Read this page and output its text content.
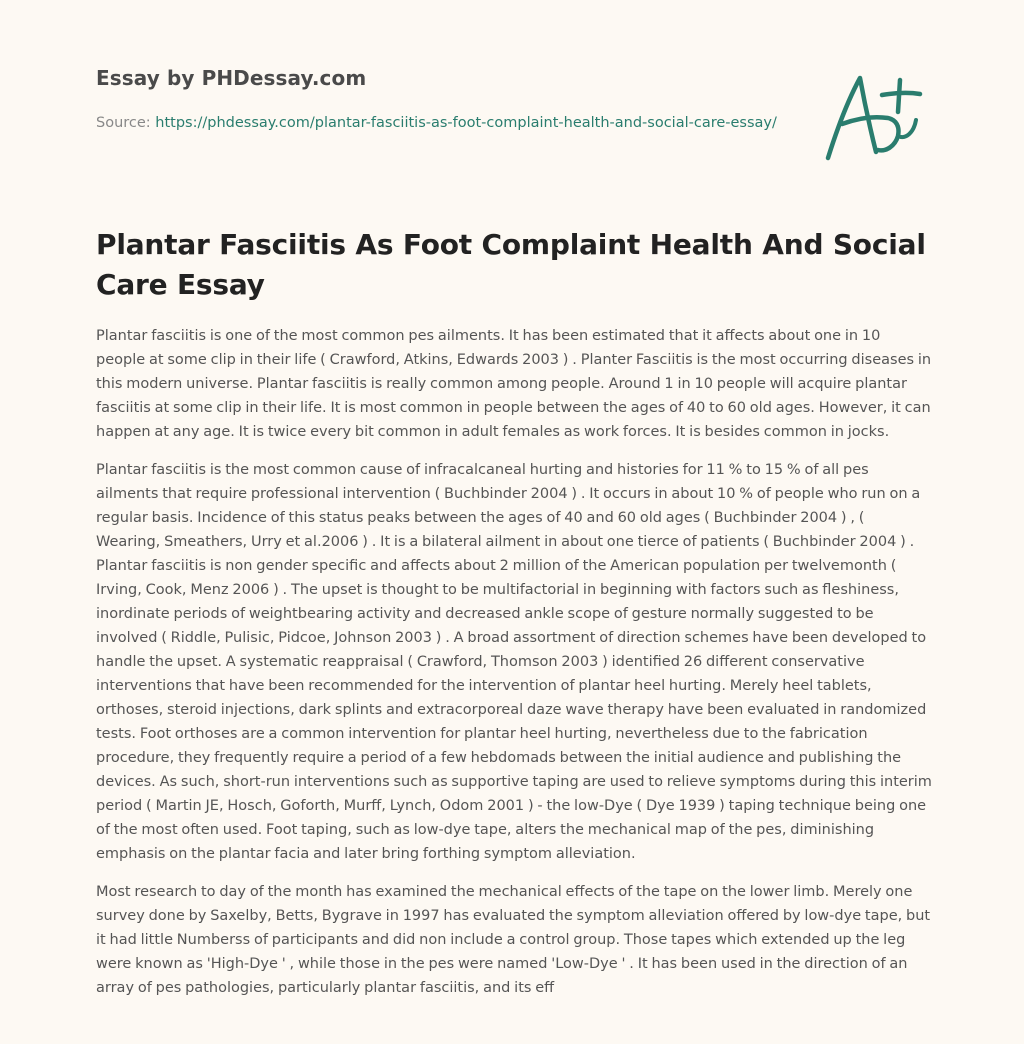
Essay by PHDessay.com

Source: https://phdessay.com/plantar-fasciitis-as-foot-complaint-health-and-social-care-essay/

Plantar Fasciitis As Foot Complaint Health And Social Care Essay

Plantar fasciitis is one of the most common pes ailments. It has been estimated that it affects about one in 10 people at some clip in their life ( Crawford, Atkins, Edwards 2003 ) . Planter Fasciitis is the most occurring diseases in this modern universe. Plantar fasciitis is really common among people. Around 1 in 10 people will acquire plantar fasciitis at some clip in their life. It is most common in people between the ages of 40 to 60 old ages. However, it can happen at any age. It is twice every bit common in adult females as work forces. It is besides common in jocks.

Plantar fasciitis is the most common cause of infracalcaneal hurting and histories for 11 % to 15 % of all pes ailments that require professional intervention ( Buchbinder 2004 ) . It occurs in about 10 % of people who run on a regular basis. Incidence of this status peaks between the ages of 40 and 60 old ages ( Buchbinder 2004 ) , ( Wearing, Smeathers, Urry et al.2006 ) . It is a bilateral ailment in about one tierce of patients ( Buchbinder 2004 ) . Plantar fasciitis is non gender specific and affects about 2 million of the American population per twelvemonth ( Irving, Cook, Menz 2006 ) . The upset is thought to be multifactorial in beginning with factors such as fleshiness, inordinate periods of weightbearing activity and decreased ankle scope of gesture normally suggested to be involved ( Riddle, Pulisic, Pidcoe, Johnson 2003 ) . A broad assortment of direction schemes have been developed to handle the upset. A systematic reappraisal ( Crawford, Thomson 2003 ) identified 26 different conservative interventions that have been recommended for the intervention of plantar heel hurting. Merely heel tablets, orthoses, steroid injections, dark splints and extracorporeal daze wave therapy have been evaluated in randomized tests. Foot orthoses are a common intervention for plantar heel hurting, nevertheless due to the fabrication procedure, they frequently require a period of a few hebdomads between the initial audience and publishing the devices. As such, short-run interventions such as supportive taping are used to relieve symptoms during this interim period ( Martin JE, Hosch, Goforth, Murff, Lynch, Odom 2001 ) - the low-Dye ( Dye 1939 ) taping technique being one of the most often used. Foot taping, such as low-dye tape, alters the mechanical map of the pes, diminishing emphasis on the plantar facia and later bring forthing symptom alleviation.

Most research to day of the month has examined the mechanical effects of the tape on the lower limb. Merely one survey done by Saxelby, Betts, Bygrave in 1997 has evaluated the symptom alleviation offered by low-dye tape, but it had little Numberss of participants and did non include a control group. Those tapes which extended up the leg were known as 'High-Dye ' , while those in the pes were named 'Low-Dye ' . It has been used in the direction of an array of pes pathologies, particularly plantar fasciitis, and its eff
